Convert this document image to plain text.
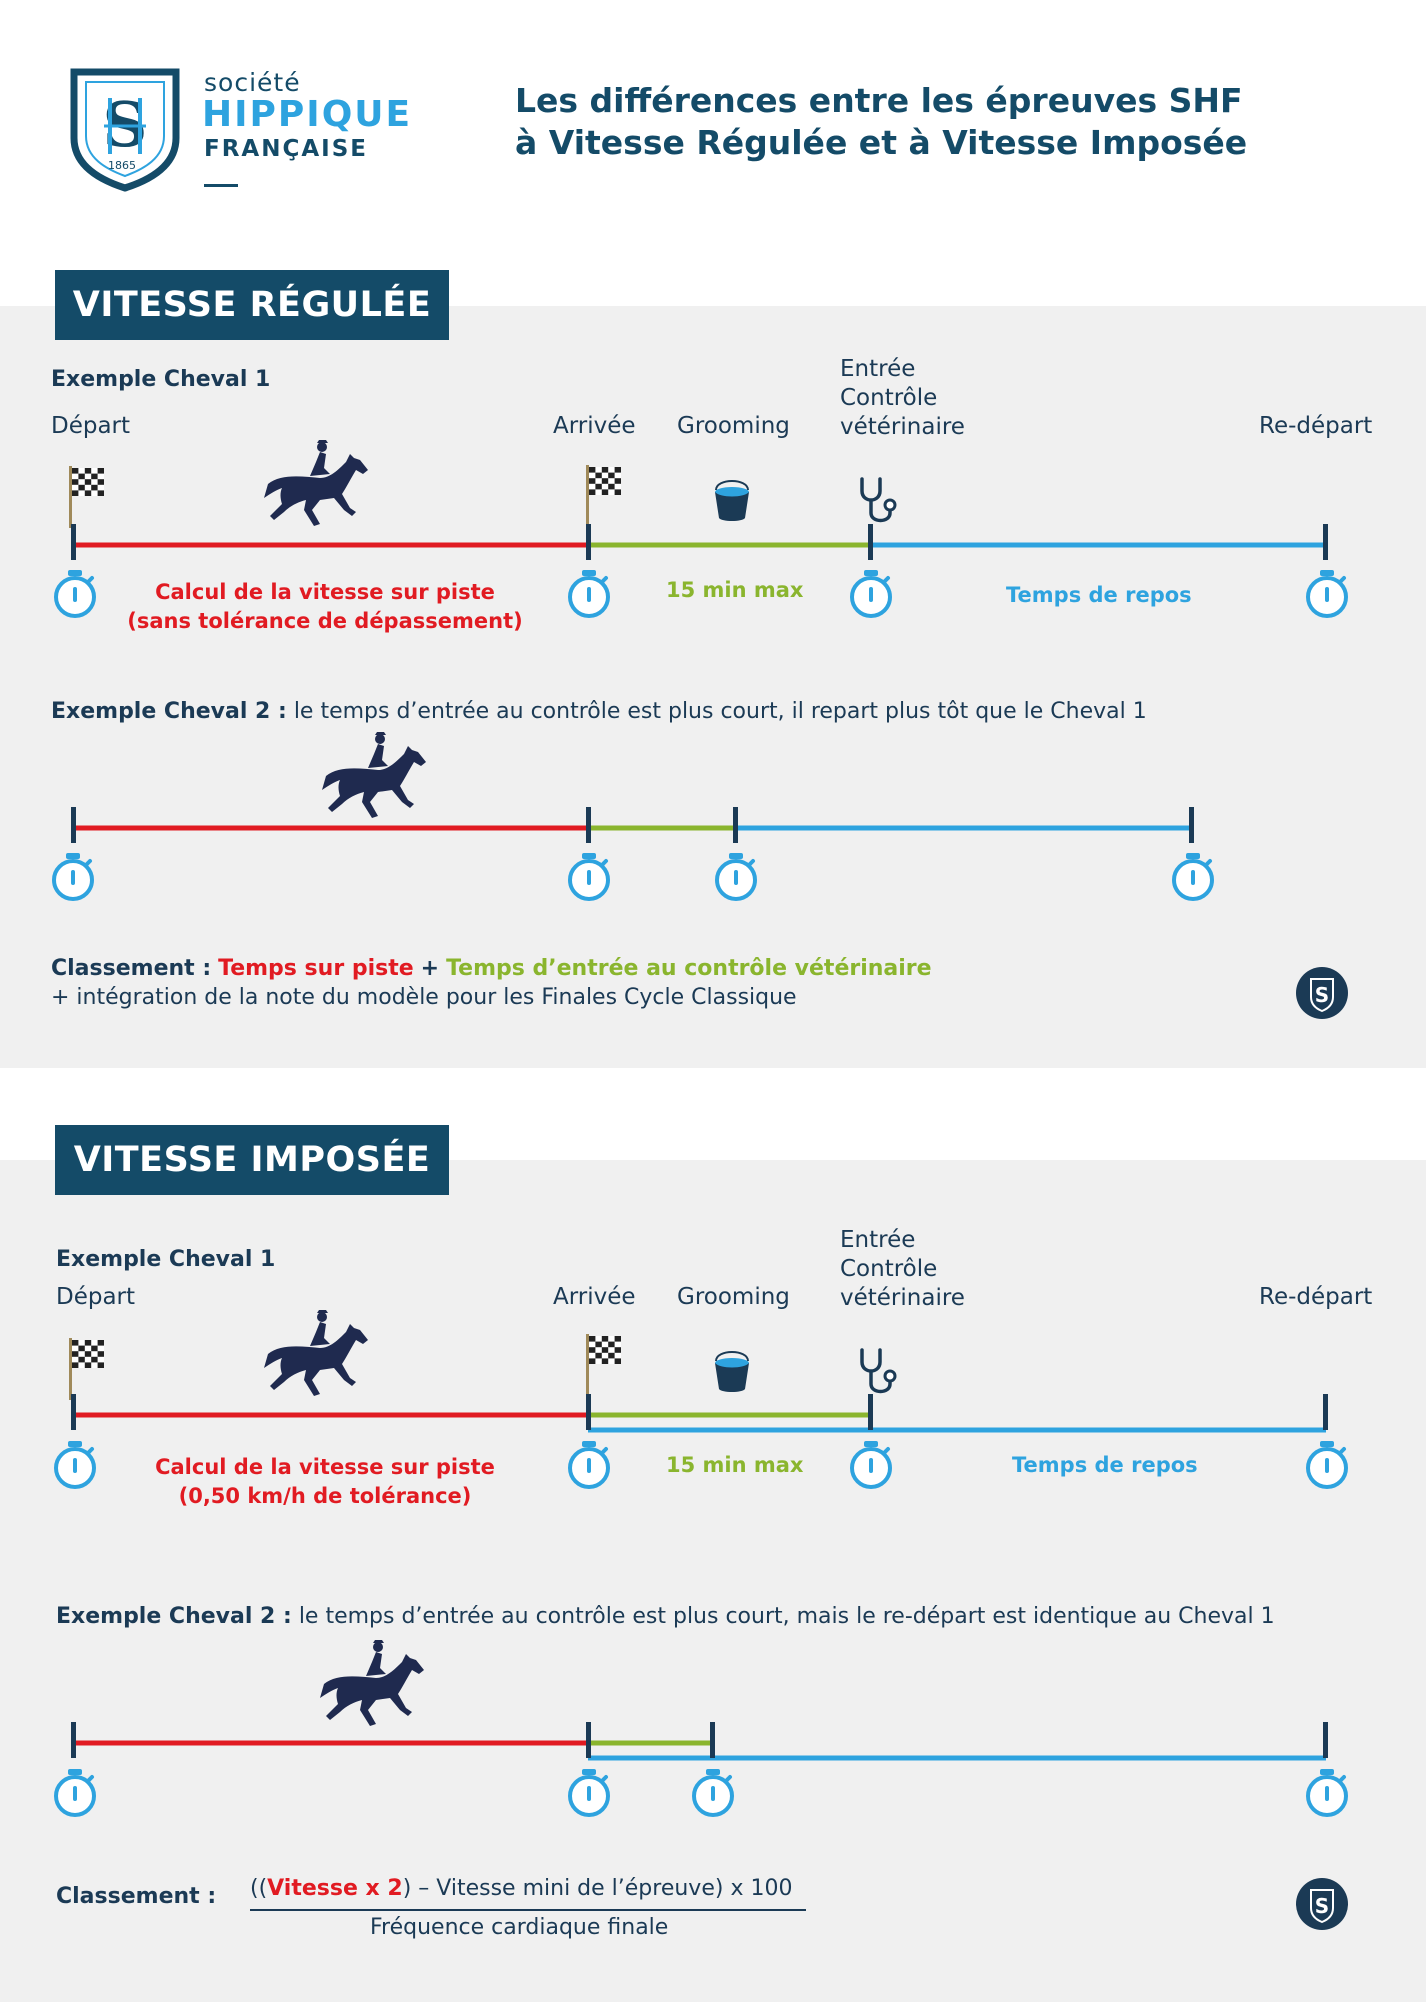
S
1865
société
HIPPIQUE
FRANÇAISE
Les différences entre les épreuves SHF
à Vitesse Régulée et à Vitesse Imposée
VITESSE RÉGULÉE
Exemple Cheval 1
Départ	Arrivée Grooming
Entrée
Contrôle
vétérinaire	Re-départ
Calcul de la vitesse sur piste
(sans tolérance de dépassement)
15 min max	Temps de repos
Exemple Cheval 2 : le temps d’entrée au contrôle est plus court, il repart plus tôt que le Cheval 1
Classement : Temps sur piste + Temps d’entrée au contrôle vétérinaire
+ intégration de la note du modèle pour les Finales Cycle Classique
VITESSE IMPOSÉE
Exemple Cheval 1
Départ	Arrivée Grooming
Entrée
Contrôle
vétérinaire	Re-départ
Calcul de la vitesse sur piste
(0,50 km/h de tolérance)
15 min max	Temps de repos
Exemple Cheval 2 : le temps d’entrée au contrôle est plus court, mais le re-départ est identique au Cheval 1
Classement : ((Vitesse x 2) – Vitesse mini de l’épreuve) x 100
Fréquence cardiaque finale
